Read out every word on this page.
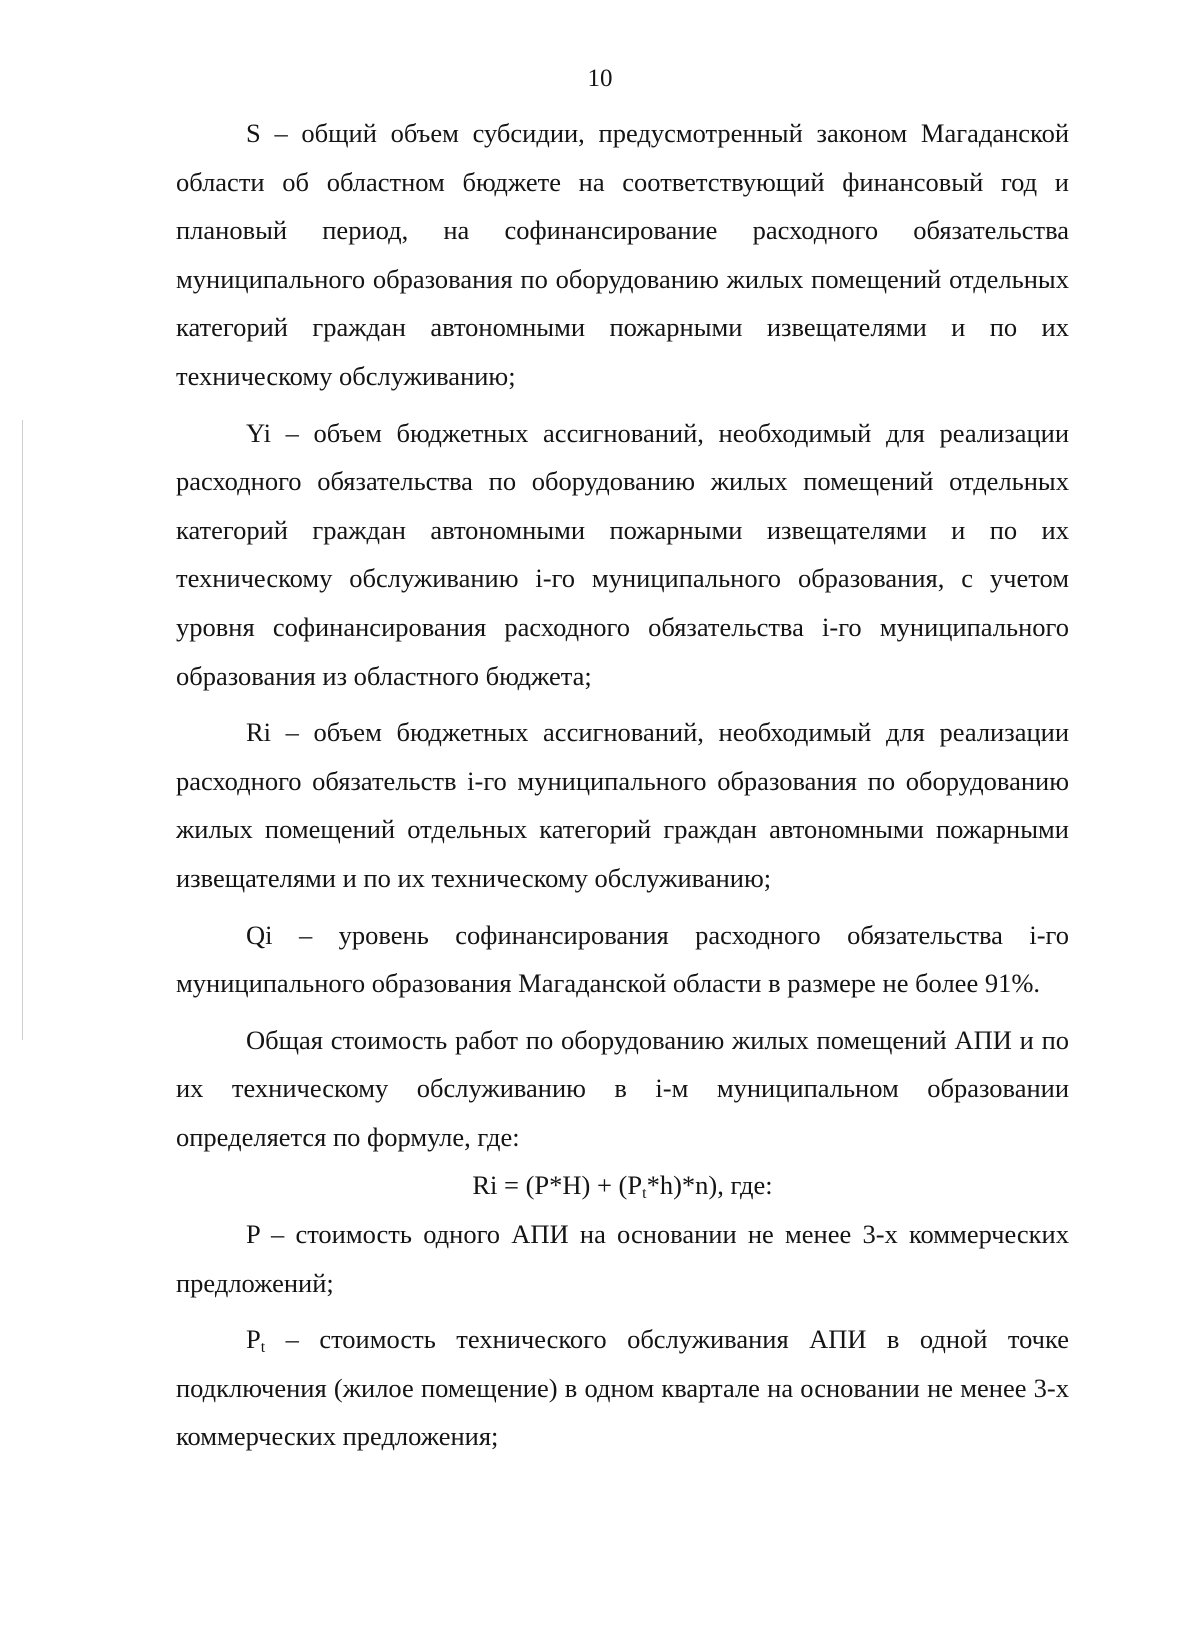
10

S – общий объем субсидии, предусмотренный законом Магаданской области об областном бюджете на соответствующий финансовый год и плановый период, на софинансирование расходного обязательства муниципального образования по оборудованию жилых помещений отдельных категорий граждан автономными пожарными извещателями и по их техническому обслуживанию;

Yi – объем бюджетных ассигнований, необходимый для реализации расходного обязательства по оборудованию жилых помещений отдельных категорий граждан автономными пожарными извещателями и по их техническому обслуживанию i-го муниципального образования, с учетом уровня софинансирования расходного обязательства i-го муниципального образования из областного бюджета;

Ri – объем бюджетных ассигнований, необходимый для реализации расходного обязательств i-го муниципального образования по оборудованию жилых помещений отдельных категорий граждан автономными пожарными извещателями и по их техническому обслуживанию;

Qi – уровень софинансирования расходного обязательства i-го муниципального образования Магаданской области в размере не более 91%.

Общая стоимость работ по оборудованию жилых помещений АПИ и по их техническому обслуживанию в i-м муниципальном образовании определяется по формуле, где:

$Ri = (P*H) + (P_t*h)*n$), где:

P – стоимость одного АПИ на основании не менее 3-х коммерческих предложений;

$P_t$ – стоимость технического обслуживания АПИ в одной точке подключения (жилое помещение) в одном квартале на основании не менее 3-х коммерческих предложения;
